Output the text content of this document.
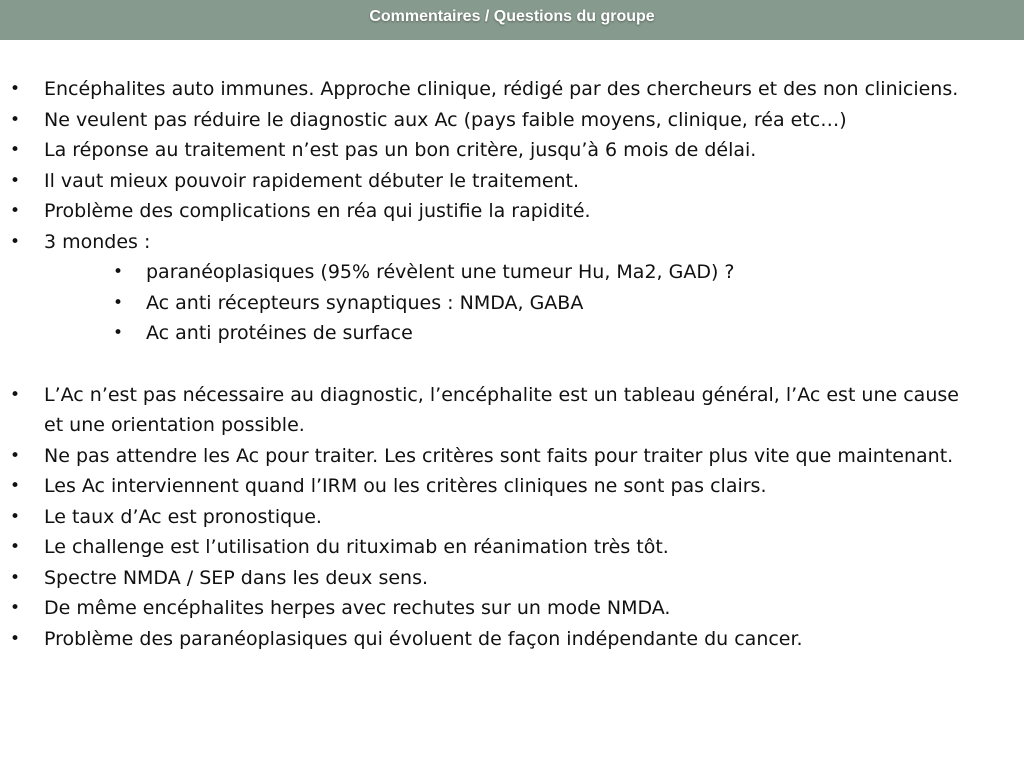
Commentaires / Questions du groupe
• Encéphalites auto immunes. Approche clinique, rédigé par des chercheurs et des non cliniciens.
• Ne veulent pas réduire le diagnostic aux Ac (pays faible moyens, clinique, réa etc…)
• La réponse au traitement n’est pas un bon critère, jusqu’à 6 mois de délai.
• Il vaut mieux pouvoir rapidement débuter le traitement.
• Problème des complications en réa qui justifie la rapidité.
• 3 mondes :
• paranéoplasiques (95% révèlent une tumeur Hu, Ma2, GAD) ?
• Ac anti récepteurs synaptiques : NMDA, GABA
• Ac anti protéines de surface
• L’Ac n’est pas nécessaire au diagnostic, l’encéphalite est un tableau général, l’Ac est une cause et une orientation possible.
• Ne pas attendre les Ac pour traiter. Les critères sont faits pour traiter plus vite que maintenant.
• Les Ac interviennent quand l’IRM ou les critères cliniques ne sont pas clairs.
• Le taux d’Ac est pronostique.
• Le challenge est l’utilisation du rituximab en réanimation très tôt.
• Spectre NMDA / SEP dans les deux sens.
• De même encéphalites herpes avec rechutes sur un mode NMDA.
• Problème des paranéoplasiques qui évoluent de façon indépendante du cancer.
